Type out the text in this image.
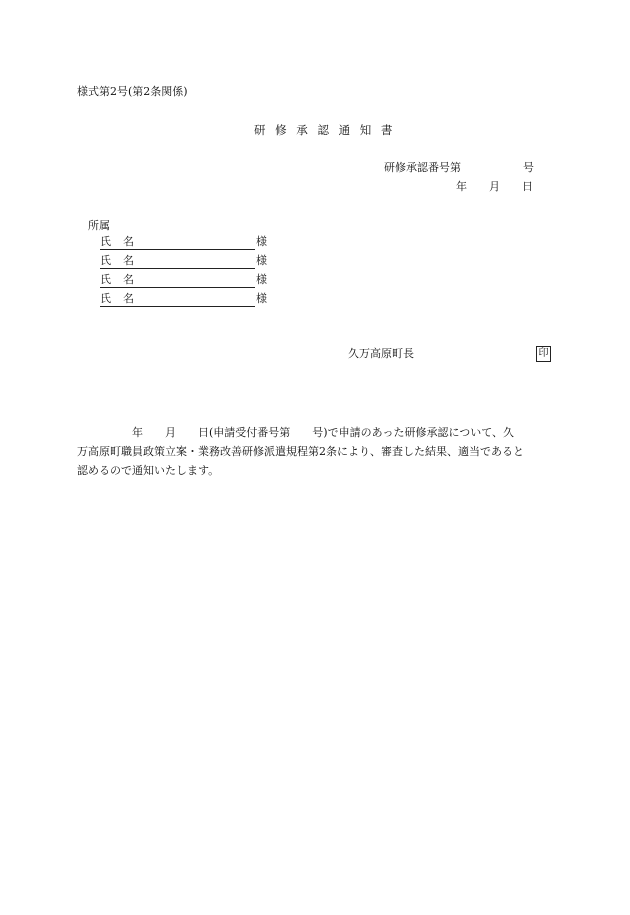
様式第2号(第2条関係)
研 修 承 認 通 知 書
研修承認番号第	号
年 月 日
所属
氏 名	様
氏 名	様
氏 名	様
氏 名	様
久万高原町長	印
　　　　　年　　月　　日(申請受付番号第　　号)で申請のあった研修承認について、久
万高原町職員政策立案・業務改善研修派遣規程第2条により、審査した結果、適当であると
認めるので通知いたします。
